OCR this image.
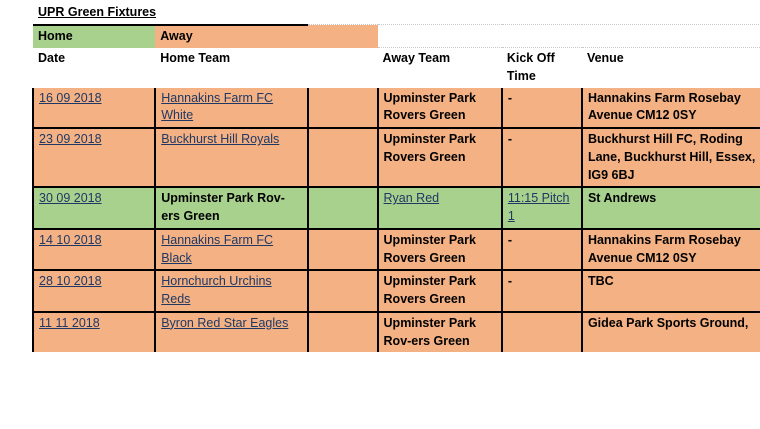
UPR Green Fixtures					
Home	Away				
Date	Home Team		Away Team	Kick Off Time	Venue
16 09 2018	Hannakins Farm FC White		Upminster Park Rovers Green	-	Hannakins Farm Rosebay Avenue CM12 0SY
23 09 2018	Buckhurst Hill Royals		Upminster Park Rovers Green	-	Buckhurst Hill FC, Roding Lane, Buckhurst Hill, Essex, IG9 6BJ
30 09 2018	Upminster Park Rov-ers Green		Ryan Red	11:15 Pitch 1	St Andrews
14 10 2018	Hannakins Farm FC Black		Upminster Park Rovers Green	-	Hannakins Farm Rosebay Avenue CM12 0SY
28 10 2018	Hornchurch Urchins Reds		Upminster Park Rovers Green	-	TBC
11 11 2018	Byron Red Star Eagles		Upminster Park Rov-ers Green		Gidea Park Sports Ground,
